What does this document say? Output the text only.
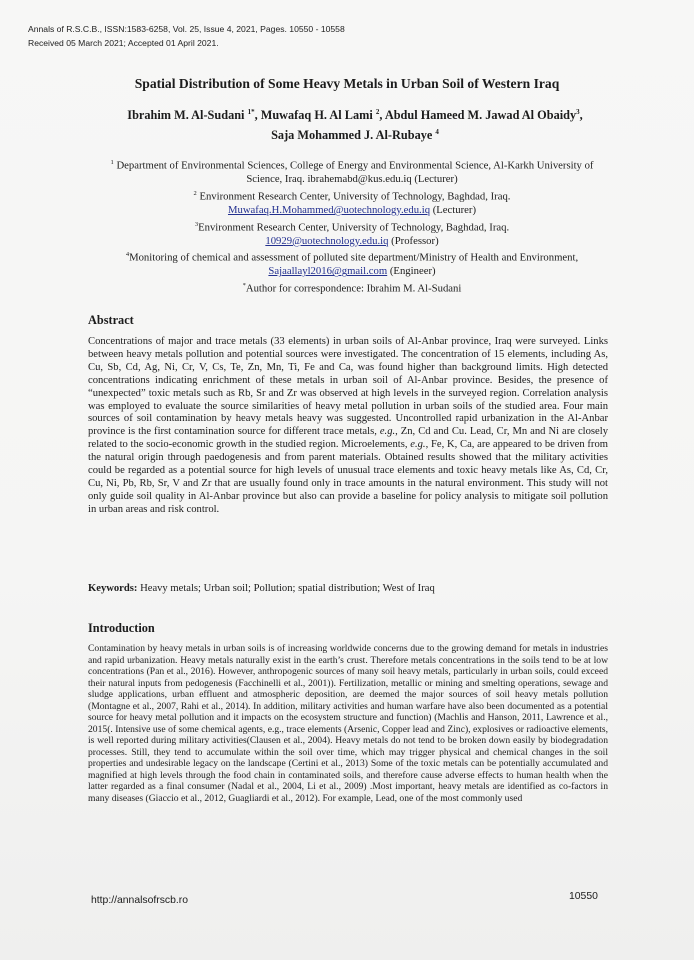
Annals of R.S.C.B., ISSN:1583-6258, Vol. 25, Issue 4, 2021, Pages. 10550 - 10558
Received 05 March 2021; Accepted 01 April 2021.
Spatial Distribution of Some Heavy Metals in Urban Soil of Western Iraq
Ibrahim M. Al-Sudani $^{1*}$, Muwafaq H. Al Lami $^2$, Abdul Hameed M. Jawad Al Obaidy$^3$,
Saja Mohammed J. Al-Rubaye $^4$
$^1$ Department of Environmental Sciences, College of Energy and Environmental Science, Al-Karkh University of Science, Iraq. ibrahemabd@kus.edu.iq (Lecturer)
$^2$ Environment Research Center, University of Technology, Baghdad, Iraq.
Muwafaq.H.Mohammed@uotechnology.edu.iq (Lecturer)
$^3$Environment Research Center, University of Technology, Baghdad, Iraq.
10929@uotechnology.edu.iq (Professor)
$^4$Monitoring of chemical and assessment of polluted site department/Ministry of Health and Environment, Sajaallayl2016@gmail.com (Engineer)
*Author for correspondence: Ibrahim M. Al-Sudani
Abstract
Concentrations of major and trace metals (33 elements) in urban soils of Al-Anbar province, Iraq were surveyed. Links between heavy metals pollution and potential sources were investigated. The concentration of 15 elements, including As, Cu, Sb, Cd, Ag, Ni, Cr, V, Cs, Te, Zn, Mn, Ti, Fe and Ca, was found higher than background limits. High detected concentrations indicating enrichment of these metals in urban soil of Al-Anbar province. Besides, the presence of “unexpected” toxic metals such as Rb, Sr and Zr was observed at high levels in the surveyed region. Correlation analysis was employed to evaluate the source similarities of heavy metal pollution in urban soils of the studied area. Four main sources of soil contamination by heavy metals heavy was suggested. Uncontrolled rapid urbanization in the Al-Anbar province is the first contamination source for different trace metals, e.g., Zn, Cd and Cu. Lead, Cr, Mn and Ni are closely related to the socio-economic growth in the studied region. Microelements, e.g., Fe, K, Ca, are appeared to be driven from the natural origin through paedogenesis and from parent materials. Obtained results showed that the military activities could be regarded as a potential source for high levels of unusual trace elements and toxic heavy metals like As, Cd, Cr, Cu, Ni, Pb, Rb, Sr, V and Zr that are usually found only in trace amounts in the natural environment. This study will not only guide soil quality in Al-Anbar province but also can provide a baseline for policy analysis to mitigate soil pollution in urban areas and risk control.
Keywords: Heavy metals; Urban soil; Pollution; spatial distribution; West of Iraq
Introduction
Contamination by heavy metals in urban soils is of increasing worldwide concerns due to the growing demand for metals in industries and rapid urbanization. Heavy metals naturally exist in the earth’s crust. Therefore metals concentrations in the soils tend to be at low concentrations (Pan et al., 2016). However, anthropogenic sources of many soil heavy metals, particularly in urban soils, could exceed their natural inputs from pedogenesis (Facchinelli et al., 2001)). Fertilization, metallic or mining and smelting operations, sewage and sludge applications, urban effluent and atmospheric deposition, are deemed the major sources of soil heavy metals pollution (Montagne et al., 2007, Rahi et al., 2014). In addition, military activities and human warfare have also been documented as a potential source for heavy metal pollution and it impacts on the ecosystem structure and function) (Machlis and Hanson, 2011, Lawrence et al., 2015(. Intensive use of some chemical agents, e.g., trace elements (Arsenic, Copper lead and Zinc), explosives or radioactive elements, is well reported during military activities(Clausen et al., 2004). Heavy metals do not tend to be broken down easily by biodegradation processes. Still, they tend to accumulate within the soil over time, which may trigger physical and chemical changes in the soil properties and undesirable legacy on the landscape (Certini et al., 2013) Some of the toxic metals can be potentially accumulated and magnified at high levels through the food chain in contaminated soils, and therefore cause adverse effects to human health when the latter regarded as a final consumer (Nadal et al., 2004, Li et al., 2009) .Most important, heavy metals are identified as co-factors in many diseases (Giaccio et al., 2012, Guagliardi et al., 2012). For example, Lead, one of the most commonly used
http://annalsofrscb.ro	10550
